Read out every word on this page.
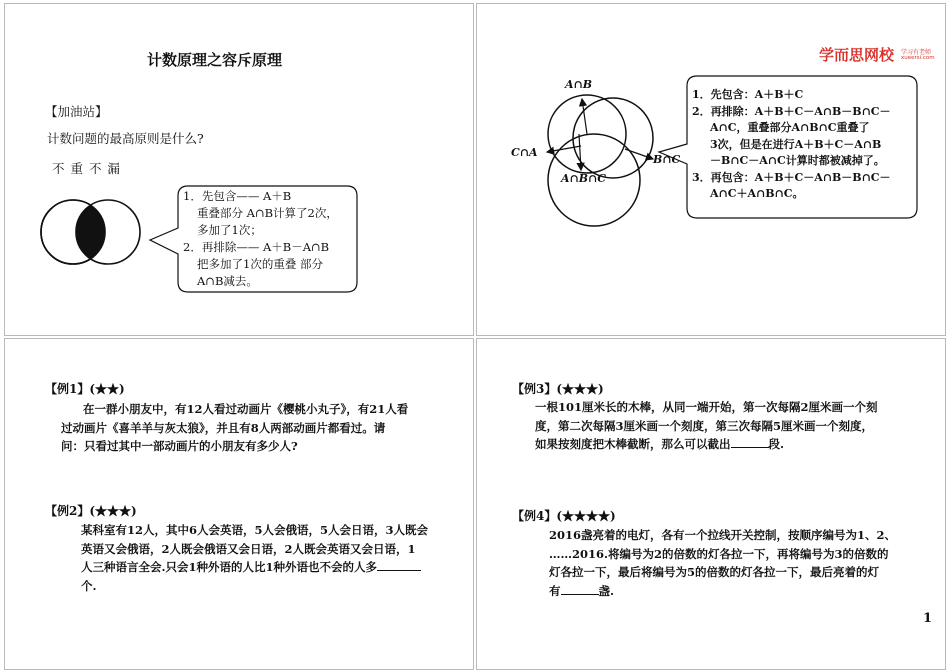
计数原理之容斥原理
【加油站】
计数问题的最高原则是什么?
不 重 不 漏
1．先包含—— A＋B
重叠部分 A∩B计算了2次，
多加了1次；
2．再排除—— A＋B－A∩B
把多加了1次的重叠 部分
A∩B减去。
学而思网校 学习有老师
xueersi.com
A∩B
C∩A
A∩B∩C
B∩C
1．先包含：A＋B＋C
2．再排除：A＋B＋C－A∩B－B∩C－
A∩C，重叠部分A∩B∩C重叠了
3次，但是在进行A＋B＋C－A∩B
－B∩C－A∩C计算时都被减掉了。
3．再包含：A＋B＋C－A∩B－B∩C－
A∩C＋A∩B∩C。
【例1】(★★)
在一群小朋友中，有12人看过动画片《樱桃小丸子》，有21人看
过动画片《喜羊羊与灰太狼》，并且有8人两部动画片都看过。请
问：只看过其中一部动画片的小朋友有多少人?
【例2】(★★★)
某科室有12人，其中6人会英语，5人会俄语，5人会日语，3人既会
英语又会俄语，2人既会俄语又会日语，2人既会英语又会日语，1
人三种语言全会.只会1种外语的人比1种外语也不会的人多
个.
【例3】(★★★)
一根101厘米长的木棒，从同一端开始，第一次每隔2厘米画一个刻
度，第二次每隔3厘米画一个刻度，第三次每隔5厘米画一个刻度，
如果按刻度把木棒截断，那么可以截出	段.
【例4】(★★★★)
2016盏亮着的电灯，各有一个拉线开关控制，按顺序编号为1、2、
……2016.将编号为2的倍数的灯各拉一下，再将编号为3的倍数的
灯各拉一下，最后将编号为5的倍数的灯各拉一下，最后亮着的灯
有	盏.
1
